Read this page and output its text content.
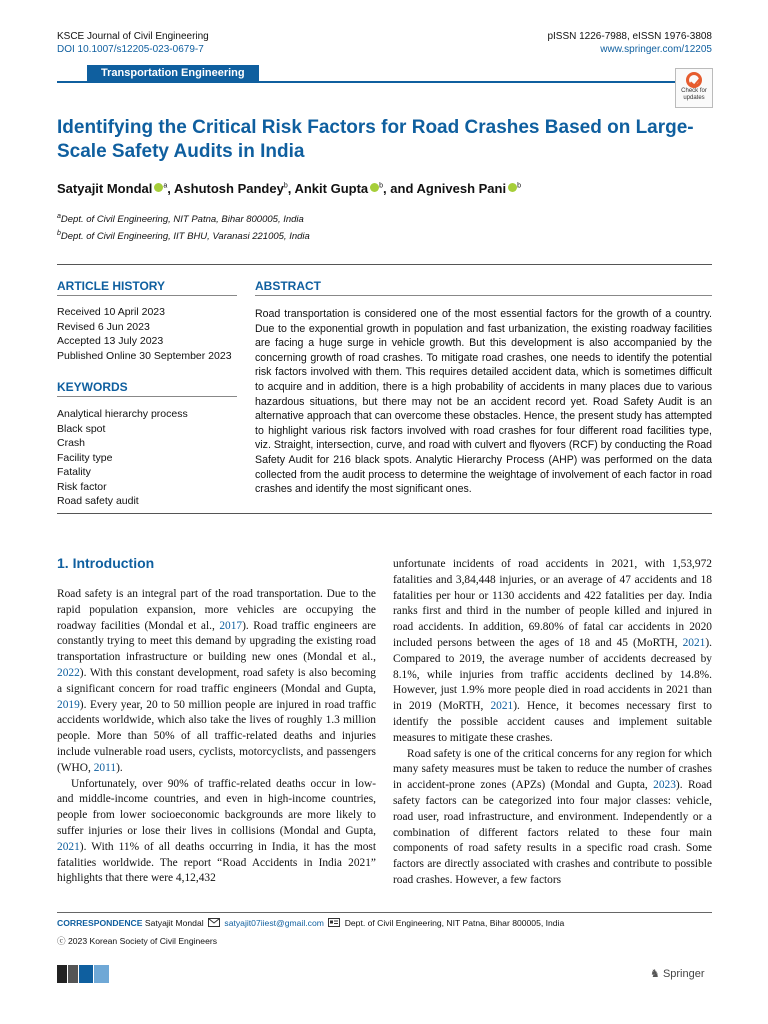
KSCE Journal of Civil Engineering
DOI 10.1007/s12205-023-0679-7
pISSN 1226-7988, eISSN 1976-3808
www.springer.com/12205
Transportation Engineering
Check for
updates
Identifying the Critical Risk Factors for Road Crashes Based on Large-Scale Safety Audits in India
Satyajit Mondal $^a$, Ashutosh Pandey$^b$, Ankit Gupta $^b$, and Agnivesh Pani $^b$
$^a$Dept. of Civil Engineering, NIT Patna, Bihar 800005, India
$^b$Dept. of Civil Engineering, IIT BHU, Varanasi 221005, India
ARTICLE HISTORY
Received 10 April 2023
Revised 6 Jun 2023
Accepted 13 July 2023
Published Online 30 September 2023
KEYWORDS
Analytical hierarchy process
Black spot
Crash
Facility type
Fatality
Risk factor
Road safety audit
ABSTRACT
Road transportation is considered one of the most essential factors for the growth of a country. Due to the exponential growth in population and fast urbanization, the existing roadway facilities are facing a huge surge in vehicle growth. But this development is also accompanied by the concerning growth of road crashes. To mitigate road crashes, one needs to identify the potential risk factors involved with them. This requires detailed accident data, which is sometimes difficult to acquire and in addition, there is a high probability of accidents in many places due to various hazardous situations, but there may not be an accident record yet. Road Safety Audit is an alternative approach that can overcome these obstacles. Hence, the present study has attempted to highlight various risk factors involved with road crashes for four different road facilities type, viz. Straight, intersection, curve, and road with culvert and flyovers (RCF) by conducting the Road Safety Audit for 216 black spots. Analytic Hierarchy Process (AHP) was performed on the data collected from the audit process to determine the weightage of involvement of each factor in road crashes and identify the most significant ones.
1. Introduction

Road safety is an integral part of the road transportation. Due to the rapid population expansion, more vehicles are occupying the roadway facilities (Mondal et al., 2017). Road traffic engineers are constantly trying to meet this demand by upgrading the existing road transportation infrastructure or building new ones (Mondal et al., 2022). With this constant development, road safety is also becoming a significant concern for road traffic engineers (Mondal and Gupta, 2019). Every year, 20 to 50 million people are injured in road traffic accidents worldwide, which also take the lives of roughly 1.3 million people. More than 50% of all traffic-related deaths and injuries include vulnerable road users, cyclists, motorcyclists, and passengers (WHO, 2011).

Unfortunately, over 90% of traffic-related deaths occur in low- and middle-income countries, and even in high-income countries, people from lower socioeconomic backgrounds are more likely to suffer injuries or lose their lives in collisions (Mondal and Gupta, 2021). With 11% of all deaths occurring in India, it has the most fatalities worldwide. The report “Road Accidents in India 2021” highlights that there were 4,12,432

unfortunate incidents of road accidents in 2021, with 1,53,972 fatalities and 3,84,448 injuries, or an average of 47 accidents and 18 fatalities per hour or 1130 accidents and 422 fatalities per day. India ranks first and third in the number of people killed and injured in road accidents. In addition, 69.80% of fatal car accidents in 2020 included persons between the ages of 18 and 45 (MoRTH, 2021). Compared to 2019, the average number of accidents decreased by 8.1%, while injuries from traffic accidents declined by 14.8%. However, just 1.9% more people died in road accidents in 2021 than in 2019 (MoRTH, 2021). Hence, it becomes necessary first to identify the possible accident causes and implement suitable measures to mitigate these crashes.

Road safety is one of the critical concerns for any region for which many safety measures must be taken to reduce the number of crashes in accident-prone zones (APZs) (Mondal and Gupta, 2023). Road safety factors can be categorized into four major classes: vehicle, road user, road infrastructure, and environment. Independently or a combination of different factors related to these four main components of road safety results in a specific road crash. Some factors are directly associated with crashes and contribute to possible road crashes. However, a few factors

CORRESPONDENCE Satyajit Mondal satyajit07iiest@gmail.com Dept. of Civil Engineering, NIT Patna, Bihar 800005, India
ⓒ 2023 Korean Society of Civil Engineers
♞ Springer
